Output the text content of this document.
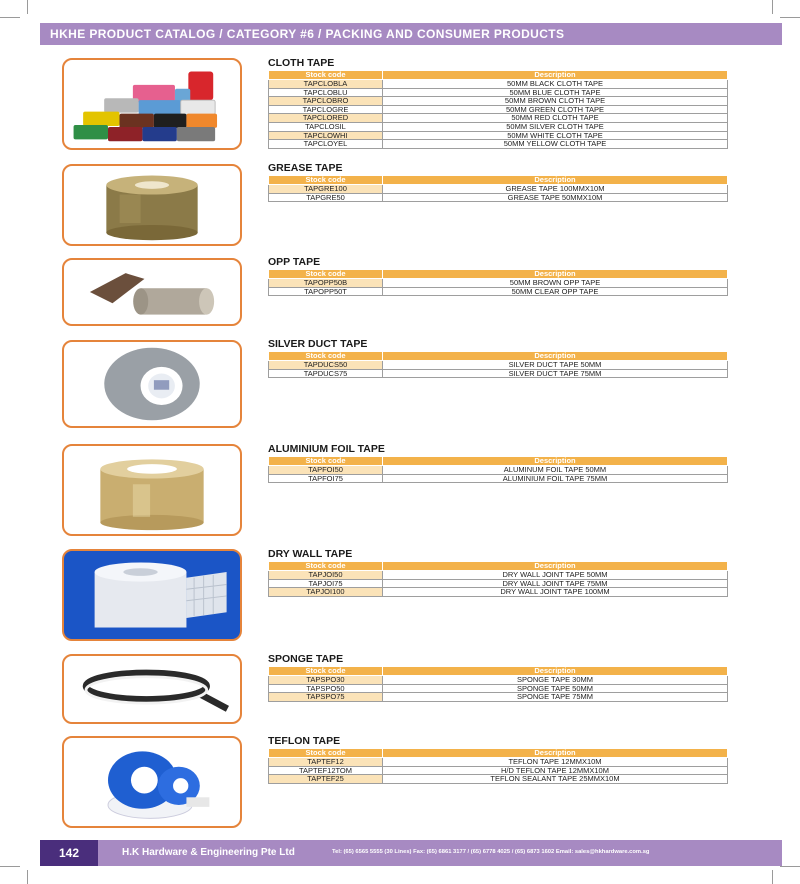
HKHE PRODUCT CATALOG / CATEGORY #6 / PACKING AND CONSUMER PRODUCTS
CLOTH TAPE
Stock code	Description
TAPCLOBLA	50MM BLACK CLOTH TAPE
TAPCLOBLU	50MM BLUE CLOTH TAPE
TAPCLOBRO	50MM BROWN CLOTH TAPE
TAPCLOGRE	50MM GREEN CLOTH TAPE
TAPCLORED	50MM RED CLOTH TAPE
TAPCLOSIL	50MM SILVER CLOTH TAPE
TAPCLOWHI	50MM WHITE CLOTH TAPE
TAPCLOYEL	50MM YELLOW CLOTH TAPE
GREASE TAPE
Stock code	Description
TAPGRE100	GREASE TAPE 100MMX10M
TAPGRE50	GREASE TAPE 50MMX10M
OPP TAPE
Stock code	Description
TAPOPP50B	50MM BROWN OPP TAPE
TAPOPP50T	50MM CLEAR OPP TAPE
SILVER DUCT TAPE
Stock code	Description
TAPDUCS50	SILVER DUCT TAPE 50MM
TAPDUCS75	SILVER DUCT TAPE 75MM
ALUMINIUM FOIL TAPE
Stock code	Description
TAPFOI50	ALUMINUM FOIL TAPE 50MM
TAPFOI75	ALUMINIUM FOIL TAPE 75MM
DRY WALL TAPE
Stock code	Description
TAPJOI50	DRY WALL JOINT TAPE 50MM
TAPJOI75	DRY WALL JOINT TAPE 75MM
TAPJOI100	DRY WALL JOINT TAPE 100MM
SPONGE TAPE
Stock code	Description
TAPSPO30	SPONGE TAPE 30MM
TAPSPO50	SPONGE TAPE 50MM
TAPSPO75	SPONGE TAPE 75MM
TEFLON TAPE
Stock code	Description
TAPTEF12	TEFLON TAPE 12MMX10M
TAPTEF12TOM	H/D TEFLON TAPE 12MMX10M
TAPTEF25	TEFLON SEALANT TAPE 25MMX10M
142	H.K Hardware & Engineering Pte Ltd	Tel: (65) 6565 5555 (30 Lines) Fax: (65) 6861 3177 / (65) 6778 4025 / (65) 6873 1602 Email: sales@hkhardware.com.sg
